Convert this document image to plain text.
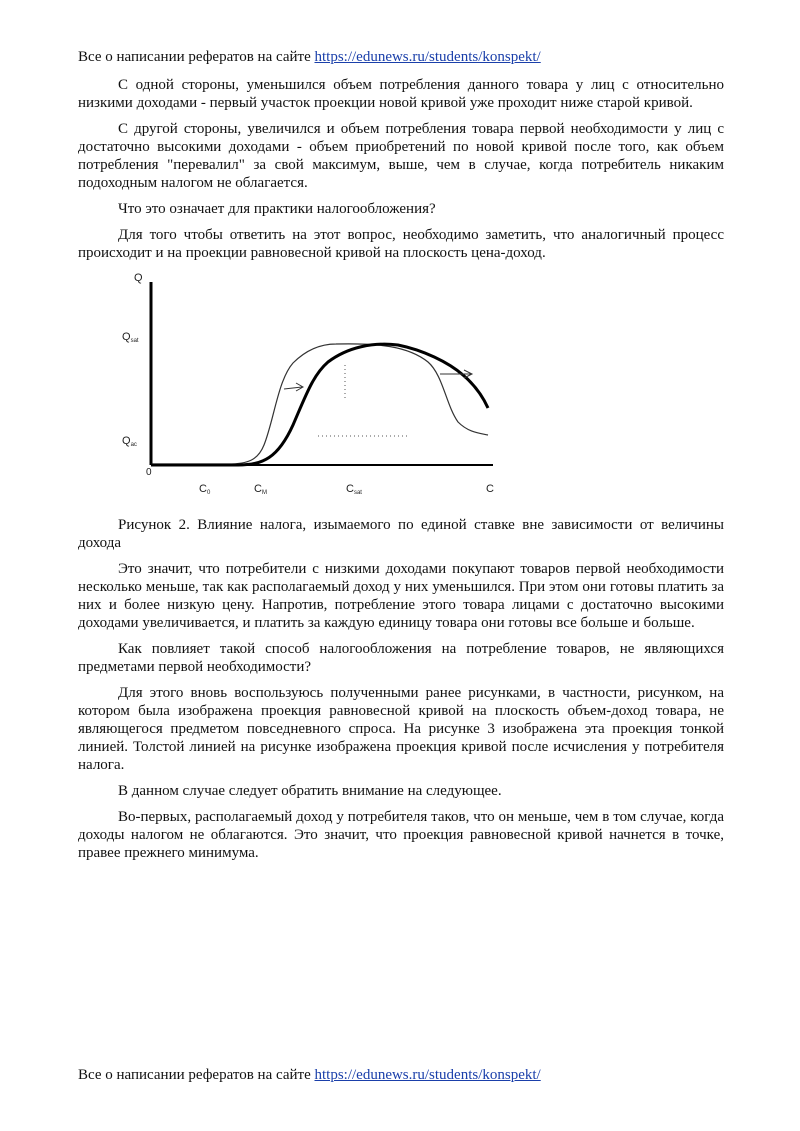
Все о написании рефератов на сайте https://edunews.ru/students/konspekt/

С одной стороны, уменьшился объем потребления данного товара у лиц с относительно низкими доходами - первый участок проекции новой кривой уже проходит ниже старой кривой.

С другой стороны, увеличился и объем потребления товара первой необходимости у лиц с достаточно высокими доходами - объем приобретений по новой кривой после того, как объем потребления "перевалил" за свой максимум, выше, чем в случае, когда потребитель никаким подоходным налогом не облагается.

Что это означает для практики налогообложения?

Для того чтобы ответить на этот вопрос, необходимо заметить, что аналогичный процесс происходит и на проекции равновесной кривой на плоскость цена-доход.

Q
Qsat
Qac
0
C0	CM	Csat	C

Рисунок 2. Влияние налога, изымаемого по единой ставке вне зависимости от величины дохода

Это значит, что потребители с низкими доходами покупают товаров первой необходимости несколько меньше, так как располагаемый доход у них уменьшился. При этом они готовы платить за них и более низкую цену. Напротив, потребление этого товара лицами с достаточно высокими доходами увеличивается, и платить за каждую единицу товара они готовы все больше и больше.

Как повлияет такой способ налогообложения на потребление товаров, не являющихся предметами первой необходимости?

Для этого вновь воспользуюсь полученными ранее рисунками, в частности, рисунком, на котором была изображена проекция равновесной кривой на плоскость объем-доход товара, не являющегося предметом повседневного спроса. На рисунке 3 изображена эта проекция тонкой линией. Толстой линией на рисунке изображена проекция кривой после исчисления у потребителя налога.

В данном случае следует обратить внимание на следующее.

Во-первых, располагаемый доход у потребителя таков, что он меньше, чем в том случае, когда доходы налогом не облагаются. Это значит, что проекция равновесной кривой начнется в точке, правее прежнего минимума.

Все о написании рефератов на сайте https://edunews.ru/students/konspekt/
